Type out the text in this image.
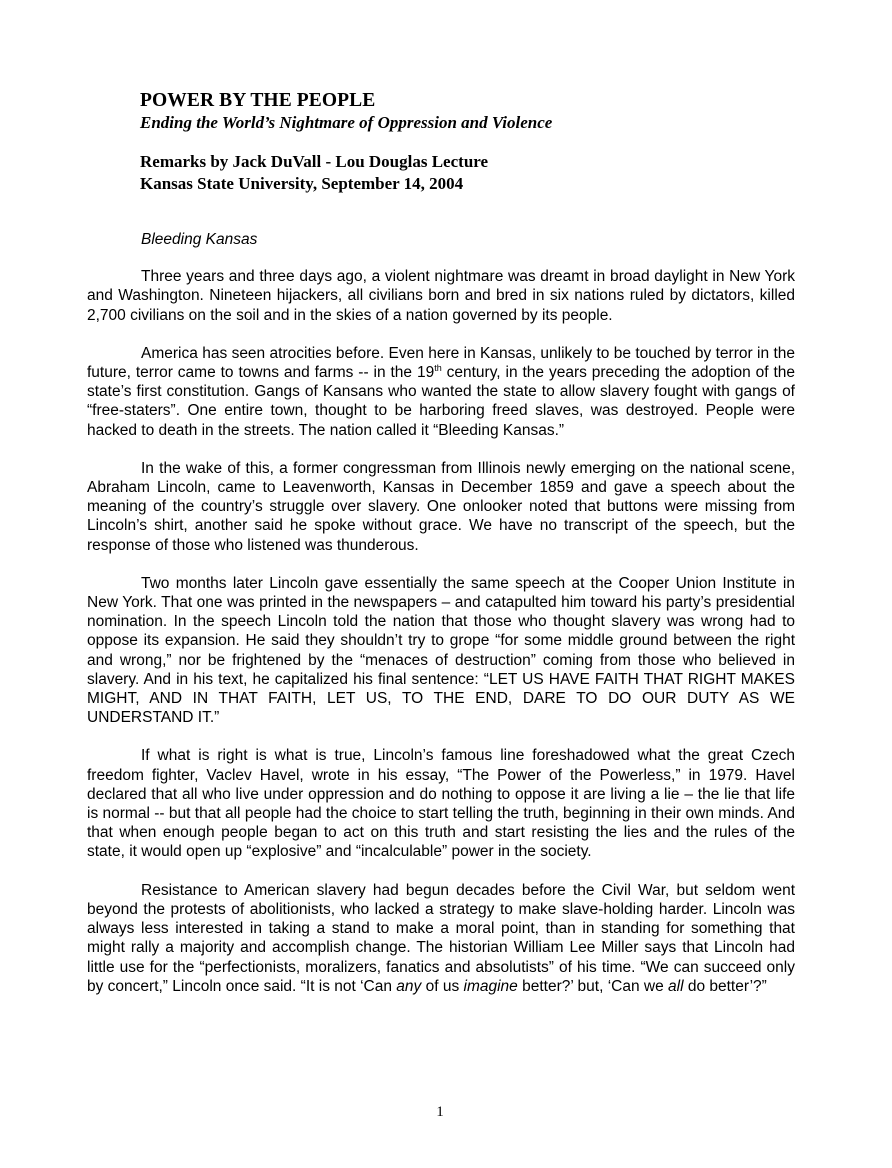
POWER BY THE PEOPLE
Ending the World’s Nightmare of Oppression and Violence
Remarks by Jack DuVall - Lou Douglas Lecture
Kansas State University, September 14, 2004

Bleeding Kansas

Three years and three days ago, a violent nightmare was dreamt in broad daylight in New York and Washington. Nineteen hijackers, all civilians born and bred in six nations ruled by dictators, killed 2,700 civilians on the soil and in the skies of a nation governed by its people.

America has seen atrocities before. Even here in Kansas, unlikely to be touched by terror in the future, terror came to towns and farms -- in the 19th century, in the years preceding the adoption of the state’s first constitution. Gangs of Kansans who wanted the state to allow slavery fought with gangs of “free-staters”. One entire town, thought to be harboring freed slaves, was destroyed. People were hacked to death in the streets. The nation called it “Bleeding Kansas.”

In the wake of this, a former congressman from Illinois newly emerging on the national scene, Abraham Lincoln, came to Leavenworth, Kansas in December 1859 and gave a speech about the meaning of the country’s struggle over slavery. One onlooker noted that buttons were missing from Lincoln’s shirt, another said he spoke without grace. We have no transcript of the speech, but the response of those who listened was thunderous.

Two months later Lincoln gave essentially the same speech at the Cooper Union Institute in New York. That one was printed in the newspapers – and catapulted him toward his party’s presidential nomination. In the speech Lincoln told the nation that those who thought slavery was wrong had to oppose its expansion. He said they shouldn’t try to grope “for some middle ground between the right and wrong,” nor be frightened by the “menaces of destruction” coming from those who believed in slavery. And in his text, he capitalized his final sentence: “LET US HAVE FAITH THAT RIGHT MAKES MIGHT, AND IN THAT FAITH, LET US, TO THE END, DARE TO DO OUR DUTY AS WE UNDERSTAND IT.”

If what is right is what is true, Lincoln’s famous line foreshadowed what the great Czech freedom fighter, Vaclev Havel, wrote in his essay, “The Power of the Powerless,” in 1979. Havel declared that all who live under oppression and do nothing to oppose it are living a lie – the lie that life is normal -- but that all people had the choice to start telling the truth, beginning in their own minds. And that when enough people began to act on this truth and start resisting the lies and the rules of the state, it would open up “explosive” and “incalculable” power in the society.

Resistance to American slavery had begun decades before the Civil War, but seldom went beyond the protests of abolitionists, who lacked a strategy to make slave-holding harder. Lincoln was always less interested in taking a stand to make a moral point, than in standing for something that might rally a majority and accomplish change. The historian William Lee Miller says that Lincoln had little use for the “perfectionists, moralizers, fanatics and absolutists” of his time. “We can succeed only by concert,” Lincoln once said. “It is not ‘Can any of us imagine better?’ but, ‘Can we all do better’?”

1
